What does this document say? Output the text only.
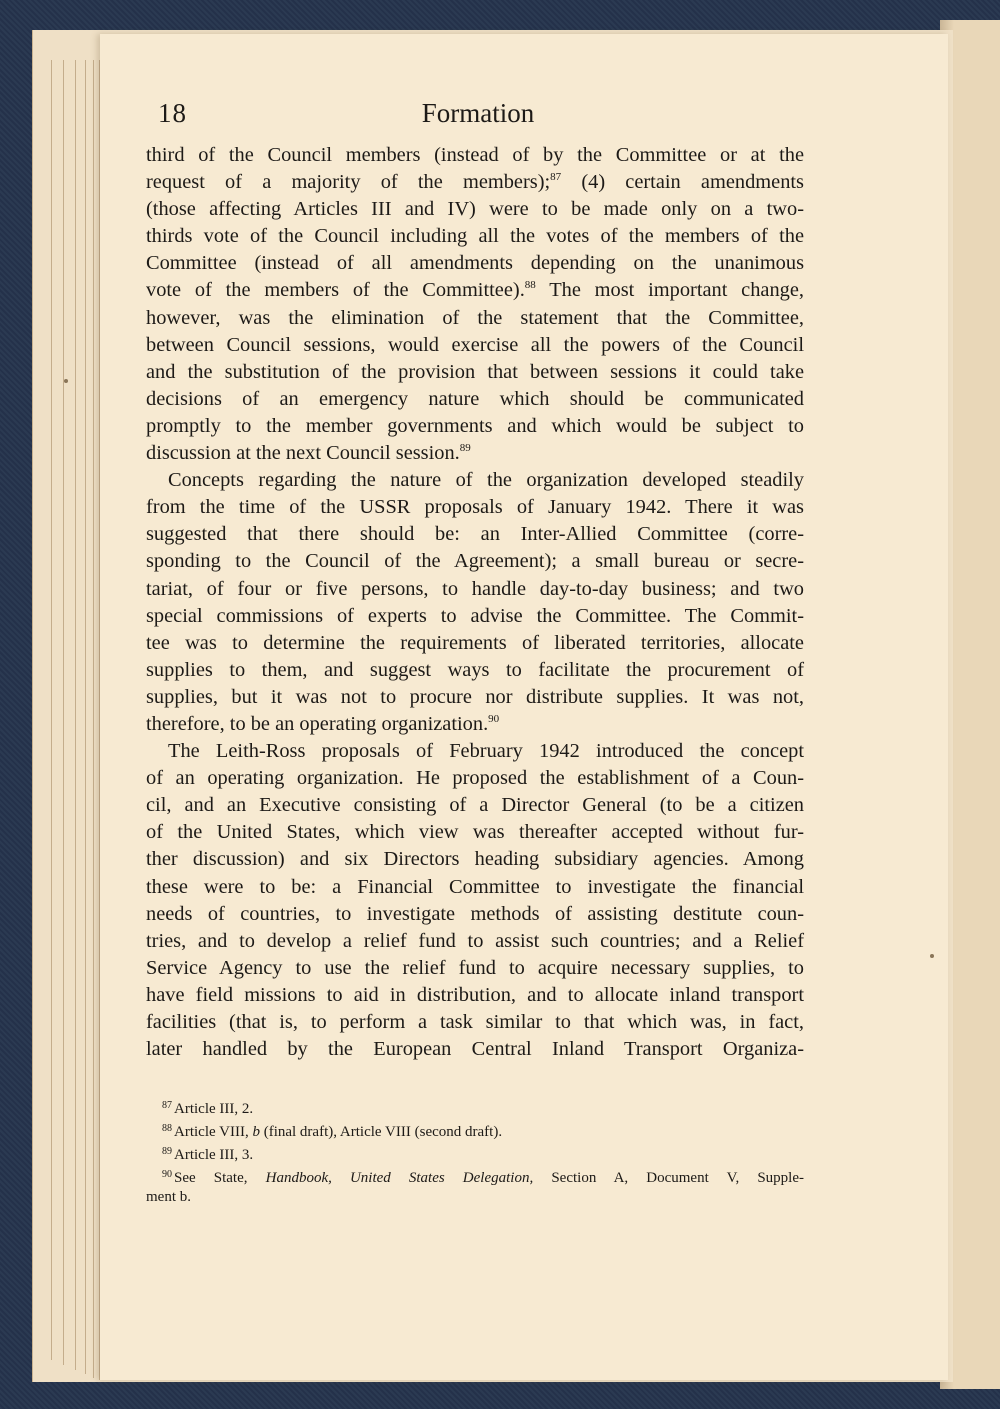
18	Formation

third of the Council members (instead of by the Committee or at the
request of a majority of the members);$^{87}$ (4) certain amendments
(those affecting Articles III and IV) were to be made only on a two-
thirds vote of the Council including all the votes of the members of the
Committee (instead of all amendments depending on the unanimous
vote of the members of the Committee).$^{88}$ The most important change,
however, was the elimination of the statement that the Committee,
between Council sessions, would exercise all the powers of the Council
and the substitution of the provision that between sessions it could take
decisions of an emergency nature which should be communicated
promptly to the member governments and which would be subject to
discussion at the next Council session.$^{89}$

Concepts regarding the nature of the organization developed steadily
from the time of the USSR proposals of January 1942. There it was
suggested that there should be: an Inter-Allied Committee (corre-
sponding to the Council of the Agreement); a small bureau or secre-
tariat, of four or five persons, to handle day-to-day business; and two
special commissions of experts to advise the Committee. The Commit-
tee was to determine the requirements of liberated territories, allocate
supplies to them, and suggest ways to facilitate the procurement of
supplies, but it was not to procure nor distribute supplies. It was not,
therefore, to be an operating organization.$^{90}$

The Leith-Ross proposals of February 1942 introduced the concept
of an operating organization. He proposed the establishment of a Coun-
cil, and an Executive consisting of a Director General (to be a citizen
of the United States, which view was thereafter accepted without fur-
ther discussion) and six Directors heading subsidiary agencies. Among
these were to be: a Financial Committee to investigate the financial
needs of countries, to investigate methods of assisting destitute coun-
tries, and to develop a relief fund to assist such countries; and a Relief
Service Agency to use the relief fund to acquire necessary supplies, to
have field missions to aid in distribution, and to allocate inland transport
facilities (that is, to perform a task similar to that which was, in fact,
later handled by the European Central Inland Transport Organiza-

$^{87}$ Article III, 2.

$^{88}$ Article VIII, b (final draft), Article VIII (second draft).

$^{89}$ Article III, 3.

$^{90}$ See State, Handbook, United States Delegation, Section A, Document V, Supple-
ment b.
